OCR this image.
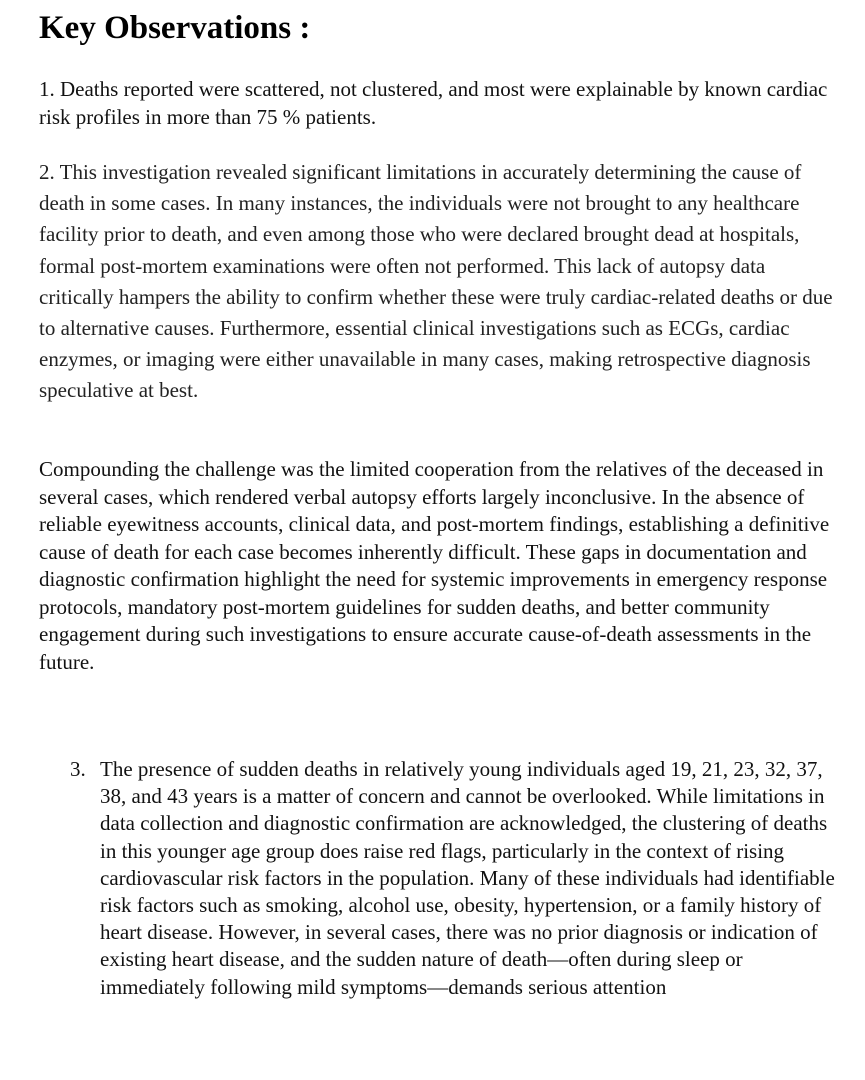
Key Observations :

1. Deaths reported were scattered, not clustered, and most were explainable by known cardiac risk profiles in more than 75 % patients.

2. This investigation revealed significant limitations in accurately determining the cause of death in some cases. In many instances, the individuals were not brought to any healthcare facility prior to death, and even among those who were declared brought dead at hospitals, formal post-mortem examinations were often not performed. This lack of autopsy data critically hampers the ability to confirm whether these were truly cardiac-related deaths or due to alternative causes. Furthermore, essential clinical investigations such as ECGs, cardiac enzymes, or imaging were either unavailable in many cases, making retrospective diagnosis speculative at best.

Compounding the challenge was the limited cooperation from the relatives of the deceased in several cases, which rendered verbal autopsy efforts largely inconclusive. In the absence of reliable eyewitness accounts, clinical data, and post-mortem findings, establishing a definitive cause of death for each case becomes inherently difficult. These gaps in documentation and diagnostic confirmation highlight the need for systemic improvements in emergency response protocols, mandatory post-mortem guidelines for sudden deaths, and better community engagement during such investigations to ensure accurate cause-of-death assessments in the future.

3. The presence of sudden deaths in relatively young individuals aged 19, 21, 23, 32, 37, 38, and 43 years is a matter of concern and cannot be overlooked. While limitations in data collection and diagnostic confirmation are acknowledged, the clustering of deaths in this younger age group does raise red flags, particularly in the context of rising cardiovascular risk factors in the population. Many of these individuals had identifiable risk factors such as smoking, alcohol use, obesity, hypertension, or a family history of heart disease. However, in several cases, there was no prior diagnosis or indication of existing heart disease, and the sudden nature of death—often during sleep or immediately following mild symptoms—demands serious attention
